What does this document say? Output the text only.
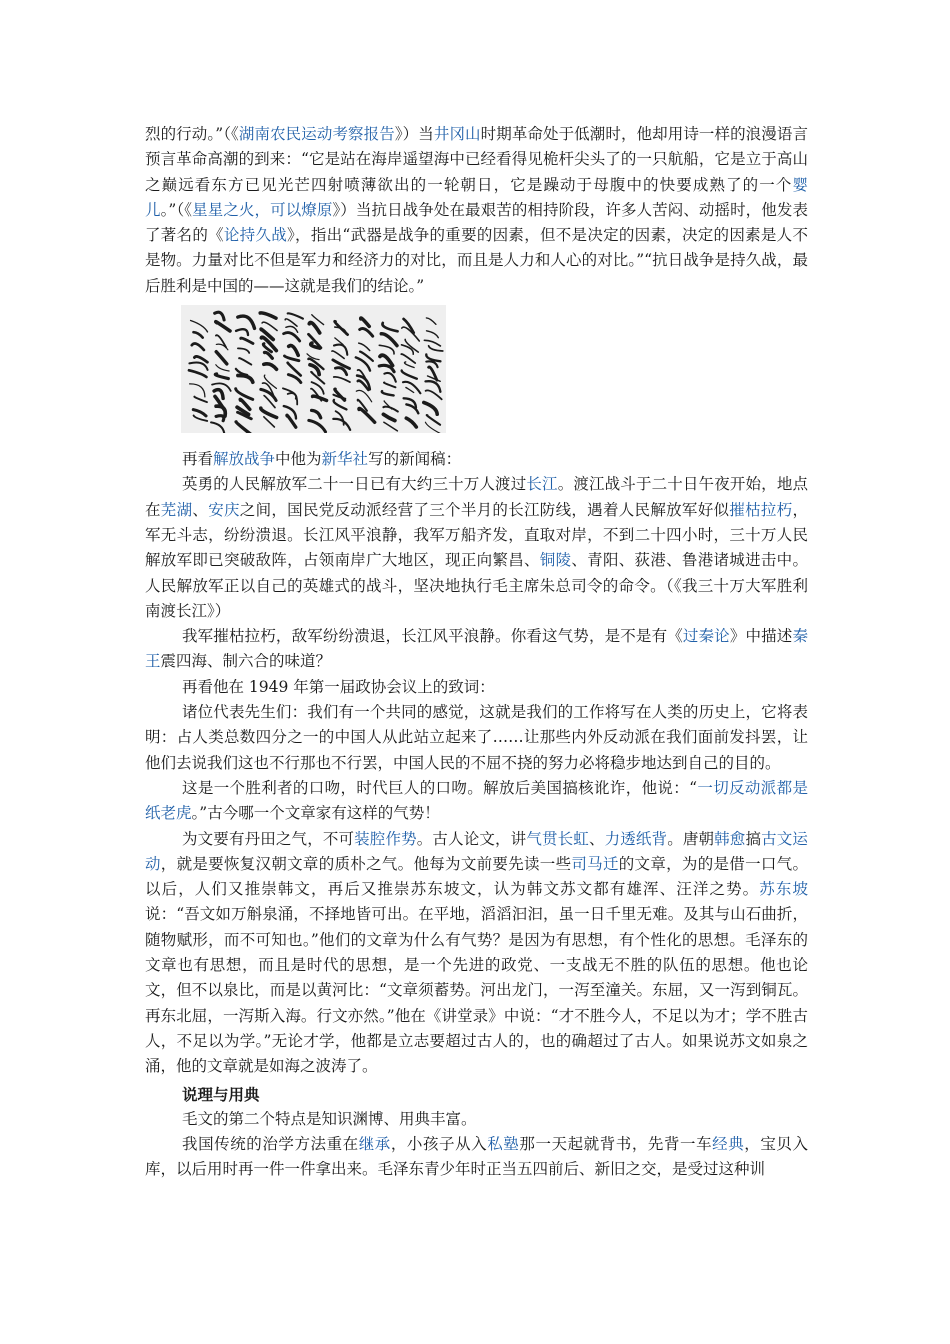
烈的行动。”（《湖南农民运动考察报告》）当井冈山时期革命处于低潮时，他却用诗一样的浪漫语言预言革命高潮的到来：“它是站在海岸遥望海中已经看得见桅杆尖头了的一只航船，它是立于高山之巅远看东方已见光芒四射喷薄欲出的一轮朝日，它是躁动于母腹中的快要成熟了的一个婴儿。”（《星星之火，可以燎原》）当抗日战争处在最艰苦的相持阶段，许多人苦闷、动摇时，他发表了著名的《论持久战》，指出“武器是战争的重要的因素，但不是决定的因素，决定的因素是人不是物。力量对比不但是军力和经济力的对比，而且是人力和人心的对比。”“抗日战争是持久战，最后胜利是中国的——这就是我们的结论。”

再看解放战争中他为新华社写的新闻稿：

英勇的人民解放军二十一日已有大约三十万人渡过长江。渡江战斗于二十日午夜开始，地点在芜湖、安庆之间，国民党反动派经营了三个半月的长江防线，遇着人民解放军好似摧枯拉朽，军无斗志，纷纷溃退。长江风平浪静，我军万船齐发，直取对岸，不到二十四小时，三十万人民解放军即已突破敌阵，占领南岸广大地区，现正向繁昌、铜陵、青阳、荻港、鲁港诸城进击中。人民解放军正以自己的英雄式的战斗，坚决地执行毛主席朱总司令的命令。（《我三十万大军胜利南渡长江》）

我军摧枯拉朽，敌军纷纷溃退，长江风平浪静。你看这气势，是不是有《过秦论》中描述秦王震四海、制六合的味道？

再看他在 1949 年第一届政协会议上的致词：

诸位代表先生们：我们有一个共同的感觉，这就是我们的工作将写在人类的历史上，它将表明：占人类总数四分之一的中国人从此站立起来了……让那些内外反动派在我们面前发抖罢，让他们去说我们这也不行那也不行罢，中国人民的不屈不挠的努力必将稳步地达到自己的目的。

这是一个胜利者的口吻，时代巨人的口吻。解放后美国搞核讹诈，他说：“一切反动派都是纸老虎。”古今哪一个文章家有这样的气势！

为文要有丹田之气，不可装腔作势。古人论文，讲气贯长虹、力透纸背。唐朝韩愈搞古文运动，就是要恢复汉朝文章的质朴之气。他每为文前要先读一些司马迁的文章，为的是借一口气。以后，人们又推崇韩文，再后又推崇苏东坡文，认为韩文苏文都有雄浑、汪洋之势。苏东坡说：“吾文如万斛泉涌，不择地皆可出。在平地，滔滔汩汩，虽一日千里无难。及其与山石曲折，随物赋形，而不可知也。”他们的文章为什么有气势？是因为有思想，有个性化的思想。毛泽东的文章也有思想，而且是时代的思想，是一个先进的政党、一支战无不胜的队伍的思想。他也论文，但不以泉比，而是以黄河比：“文章须蓄势。河出龙门，一泻至潼关。东屈，又一泻到铜瓦。再东北屈，一泻斯入海。行文亦然。”他在《讲堂录》中说：“才不胜今人，不足以为才；学不胜古人，不足以为学。”无论才学，他都是立志要超过古人的，也的确超过了古人。如果说苏文如泉之涌，他的文章就是如海之波涛了。

说理与用典

毛文的第二个特点是知识渊博、用典丰富。

我国传统的治学方法重在继承，小孩子从入私塾那一天起就背书，先背一车经典，宝贝入库，以后用时再一件一件拿出来。毛泽东青少年时正当五四前后、新旧之交，是受过这种训
